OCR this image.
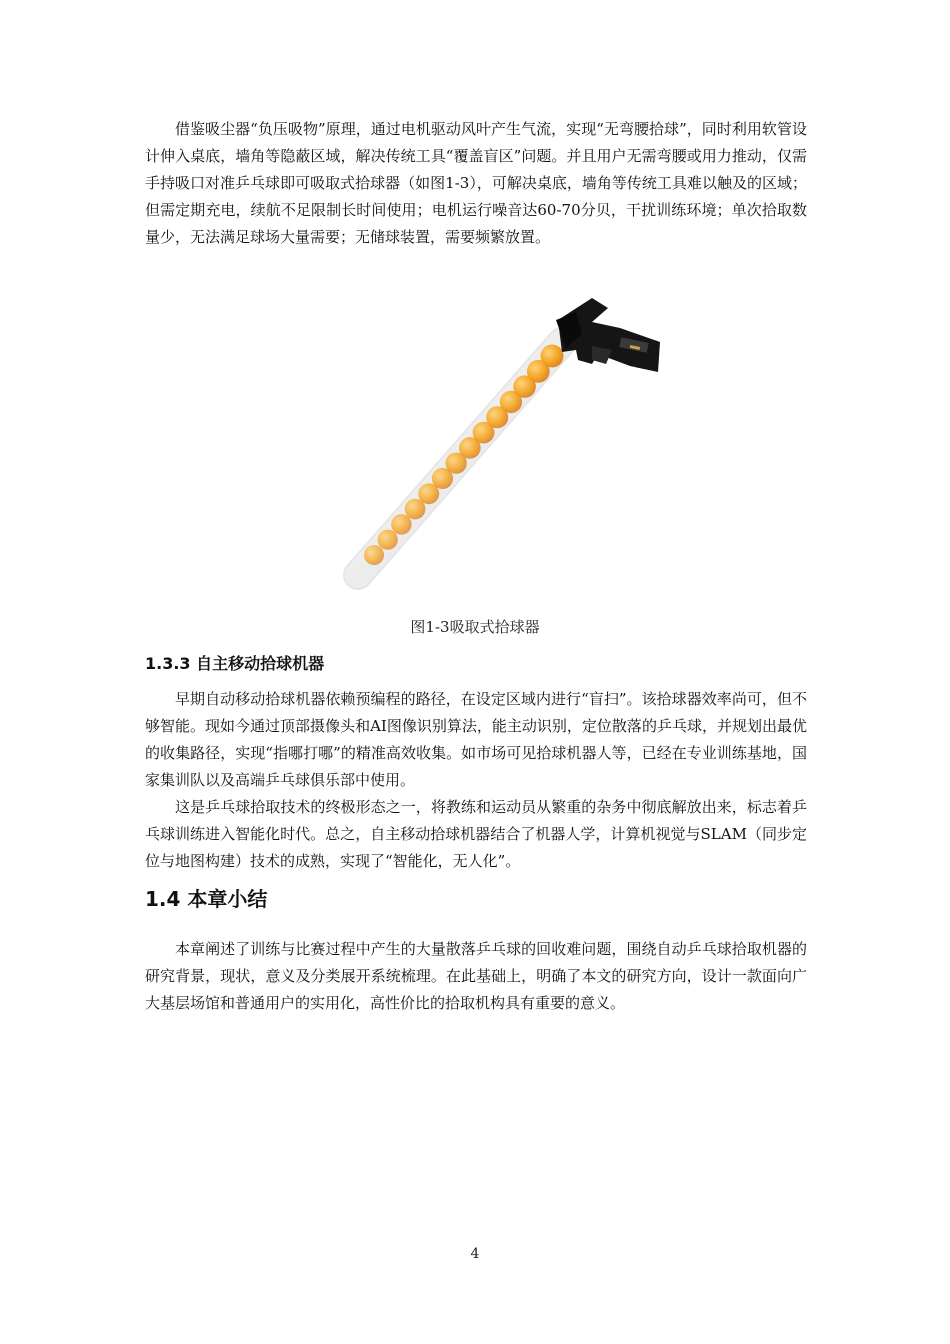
借鉴吸尘器“负压吸物”原理，通过电机驱动风叶产生气流，实现“无弯腰拾球”，同时利用软管设计伸入桌底，墙角等隐蔽区域，解决传统工具“覆盖盲区”问题。并且用户无需弯腰或用力推动，仅需手持吸口对准乒乓球即可吸取式拾球器（如图1-3），可解决桌底，墙角等传统工具难以触及的区域；但需定期充电，续航不足限制长时间使用；电机运行噪音达60-70分贝，干扰训练环境；单次拾取数量少，无法满足球场大量需要；无储球装置，需要频繁放置。

图1-3吸取式拾球器
1.3.3 自主移动拾球机器
早期自动移动拾球机器依赖预编程的路径，在设定区域内进行“盲扫”。该拾球器效率尚可，但不够智能。现如今通过顶部摄像头和AI图像识别算法，能主动识别，定位散落的乒乓球，并规划出最优的收集路径，实现“指哪打哪”的精准高效收集。如市场可见拾球机器人等，已经在专业训练基地，国家集训队以及高端乒乓球俱乐部中使用。
这是乒乓球拾取技术的终极形态之一，将教练和运动员从繁重的杂务中彻底解放出来，标志着乒乓球训练进入智能化时代。总之，自主移动拾球机器结合了机器人学，计算机视觉与SLAM（同步定位与地图构建）技术的成熟，实现了“智能化，无人化”。
1.4 本章小结
本章阐述了训练与比赛过程中产生的大量散落乒乓球的回收难问题，围绕自动乒乓球拾取机器的研究背景，现状，意义及分类展开系统梳理。在此基础上，明确了本文的研究方向，设计一款面向广大基层场馆和普通用户的实用化，高性价比的拾取机构具有重要的意义。
4
